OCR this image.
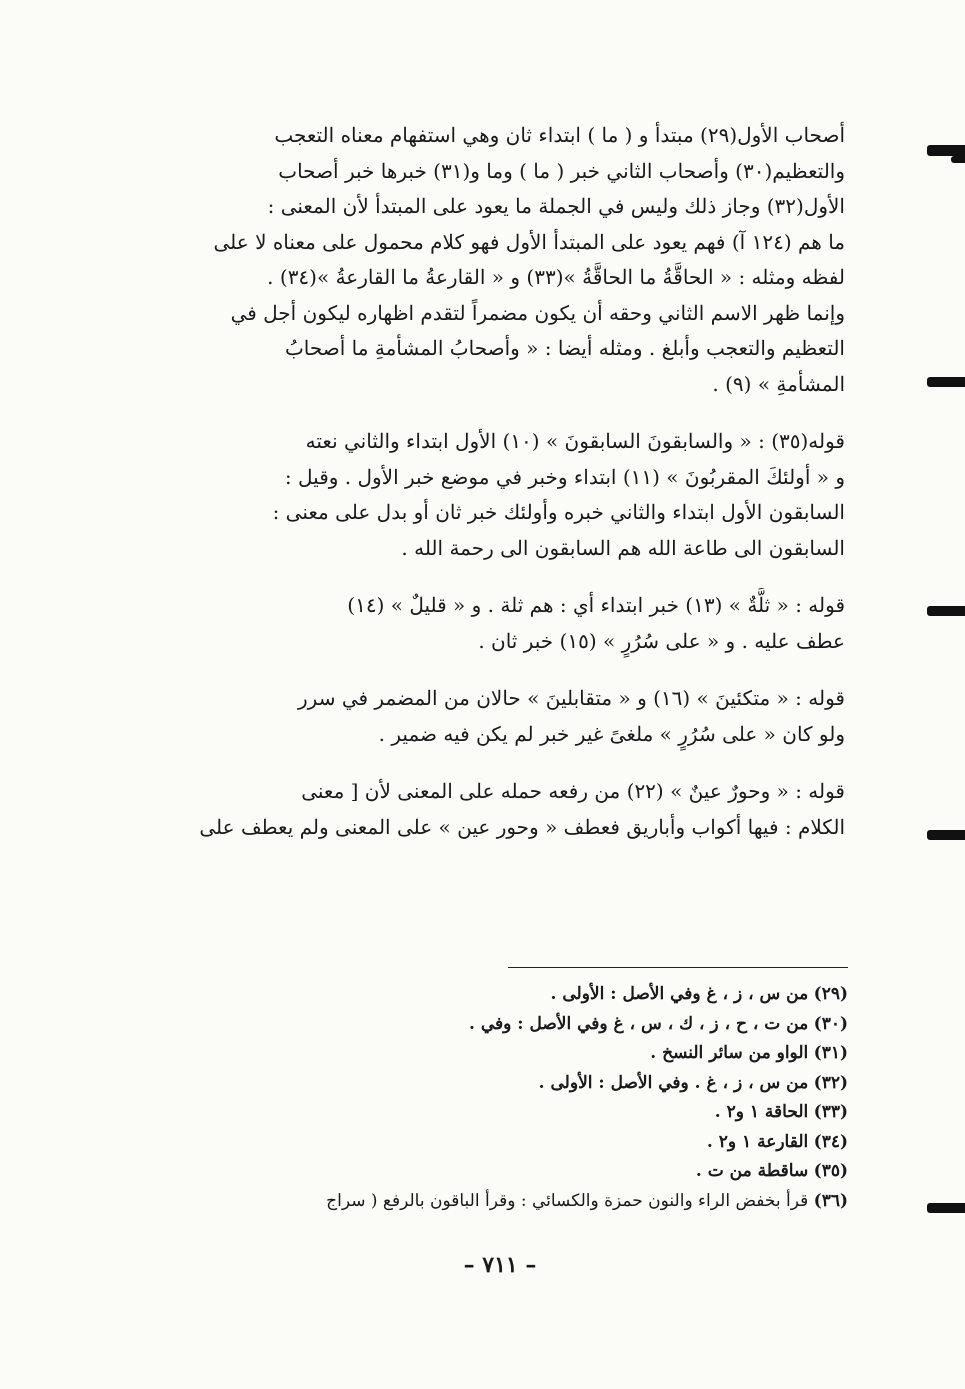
أصحاب الأول(٢٩) مبتدأ و ( ما ) ابتداء ثان وهي استفهام معناه التعجب
والتعظيم(٣٠) وأصحاب الثاني خبر ( ما ) وما و(٣١) خبرها خبر أصحاب
الأول(٣٢) وجاز ذلك وليس في الجملة ما يعود على المبتدأ لأن المعنى :
ما هم (١٢٤ آ) فهم يعود على المبتدأ الأول فهو كلام محمول على معناه لا على
لفظه ومثله : « الحاقَّةُ ما الحاقَّةُ »(٣٣) و « القارعةُ ما القارعةُ »(٣٤) .
وإنما ظهر الاسم الثاني وحقه أن يكون مضمراً لتقدم اظهاره ليكون أجل في
التعظيم والتعجب وأبلغ . ومثله أيضا : « وأصحابُ المشأمةِ ما أصحابُ
المشأمةِ » (٩) .
قوله(٣٥) : « والسابقونَ السابقونَ » (١٠) الأول ابتداء والثاني نعته
و « أولئكَ المقربُونَ » (١١) ابتداء وخبر في موضع خبر الأول . وقيل :
السابقون الأول ابتداء والثاني خبره وأولئك خبر ثان أو بدل على معنى :
السابقون الى طاعة الله هم السابقون الى رحمة الله .
قوله : « ثلَّةٌ » (١٣) خبر ابتداء أي : هم ثلة . و « قليلٌ » (١٤)
عطف عليه . و « على سُرُرٍ » (١٥) خبر ثان .
قوله : « متكئينَ » (١٦) و « متقابلينَ » حالان من المضمر في سرر
ولو كان « على سُرُرٍ » ملغىً غير خبر لم يكن فيه ضمير .
قوله : « وحورٌ عينٌ » (٢٢) من رفعه حمله على المعنى لأن [ معنى
الكلام : فيها أكواب وأباريق فعطف « وحور عين » على المعنى ولم يعطف على
(٢٩) من س ، ز ، غ وفي الأصل : الأولى .
(٣٠) من ت ، ح ، ز ، ك ، س ، غ وفي الأصل : وفي .
(٣١) الواو من سائر النسخ .
(٣٢) من س ، ز ، غ . وفي الأصل : الأولى .
(٣٣) الحاقة ١ و٢ .
(٣٤) القارعة ١ و٢ .
(٣٥) ساقطة من ت .
(٣٦) قرأ بخفض الراء والنون حمزة والكسائي : وقرأ الباقون بالرفع ( سراج
– ٧١١ –
